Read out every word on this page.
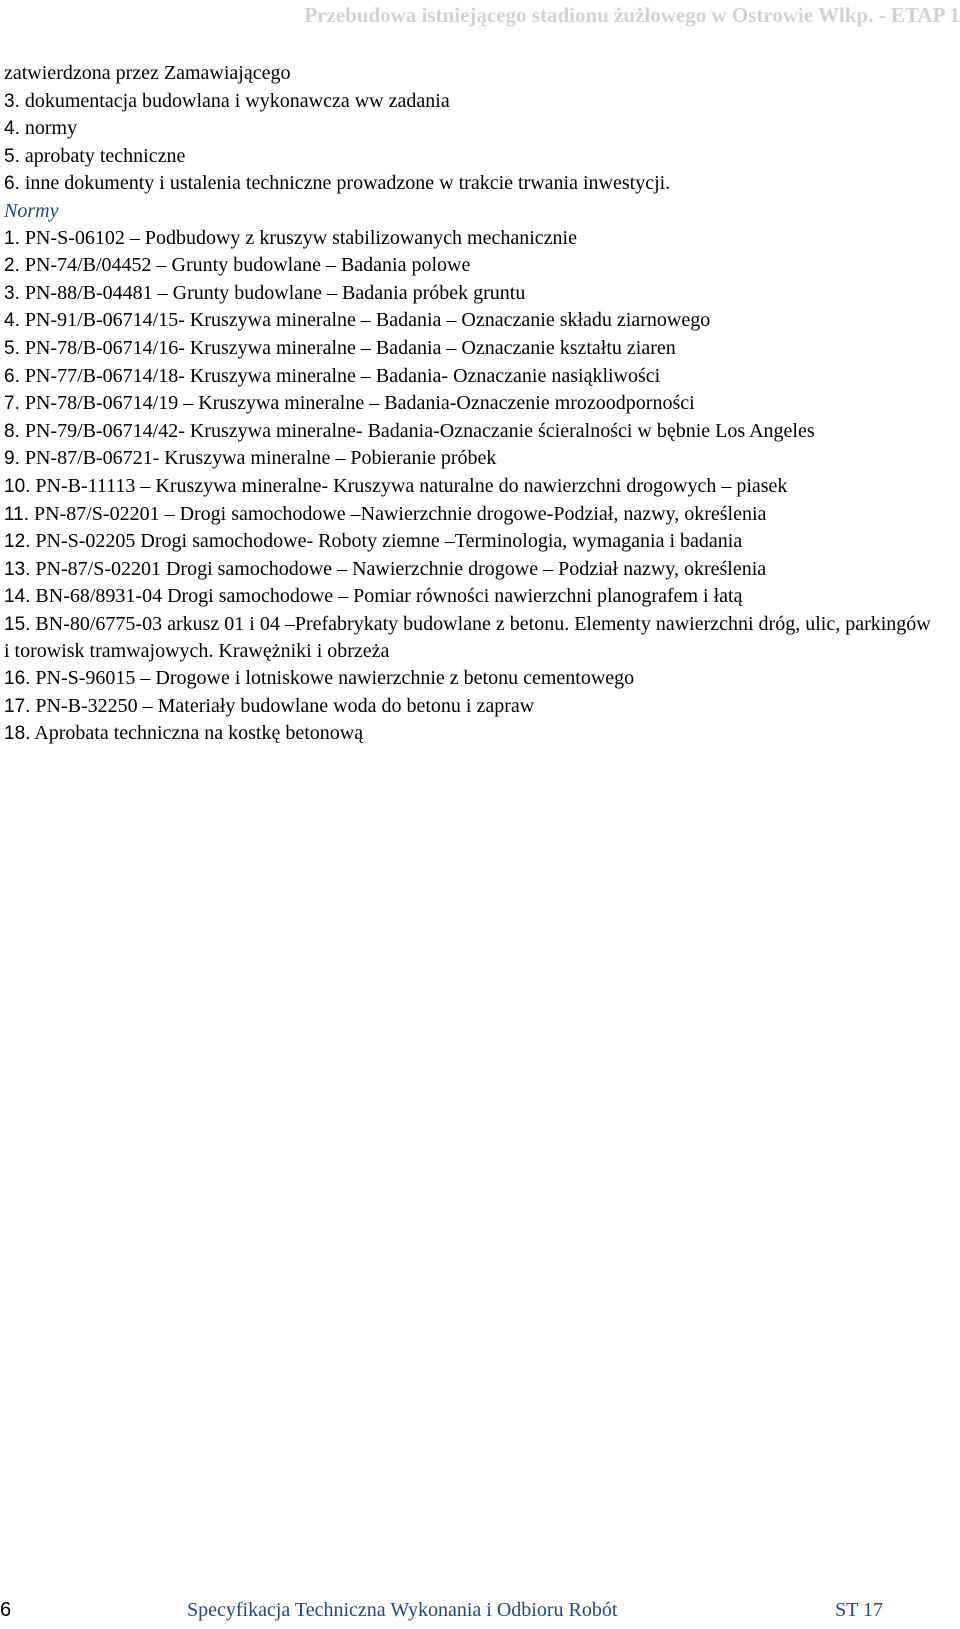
Przebudowa istniejącego stadionu żużlowego w Ostrowie Wlkp. - ETAP 1
zatwierdzona przez Zamawiającego
3. dokumentacja budowlana i wykonawcza ww zadania
4. normy
5. aprobaty techniczne
6. inne dokumenty i ustalenia techniczne prowadzone w trakcie trwania inwestycji.
Normy
1. PN-S-06102 – Podbudowy z kruszyw stabilizowanych mechanicznie
2. PN-74/B/04452 – Grunty budowlane – Badania polowe
3. PN-88/B-04481 – Grunty budowlane – Badania próbek gruntu
4. PN-91/B-06714/15- Kruszywa mineralne – Badania – Oznaczanie składu ziarnowego
5. PN-78/B-06714/16- Kruszywa mineralne – Badania – Oznaczanie kształtu ziaren
6. PN-77/B-06714/18- Kruszywa mineralne – Badania- Oznaczanie nasiąkliwości
7. PN-78/B-06714/19 – Kruszywa mineralne – Badania-Oznaczenie mrozoodporności
8. PN-79/B-06714/42- Kruszywa mineralne- Badania-Oznaczanie ścieralności w bębnie Los Angeles
9. PN-87/B-06721- Kruszywa mineralne – Pobieranie próbek
10. PN-B-11113 – Kruszywa mineralne- Kruszywa naturalne do nawierzchni drogowych – piasek
11. PN-87/S-02201 – Drogi samochodowe –Nawierzchnie drogowe-Podział, nazwy, określenia
12. PN-S-02205 Drogi samochodowe- Roboty ziemne –Terminologia, wymagania i badania
13. PN-87/S-02201 Drogi samochodowe – Nawierzchnie drogowe – Podział nazwy, określenia
14. BN-68/8931-04 Drogi samochodowe – Pomiar równości nawierzchni planografem i łatą
15. BN-80/6775-03 arkusz 01 i 04 –Prefabrykaty budowlane z betonu. Elementy nawierzchni dróg, ulic, parkingów i torowisk tramwajowych. Krawężniki i obrzeża
16. PN-S-96015 – Drogowe i lotniskowe nawierzchnie z betonu cementowego
17. PN-B-32250 – Materiały budowlane woda do betonu i zapraw
18. Aprobata techniczna na kostkę betonową
6	Specyfikacja Techniczna Wykonania i Odbioru Robót	ST 17
